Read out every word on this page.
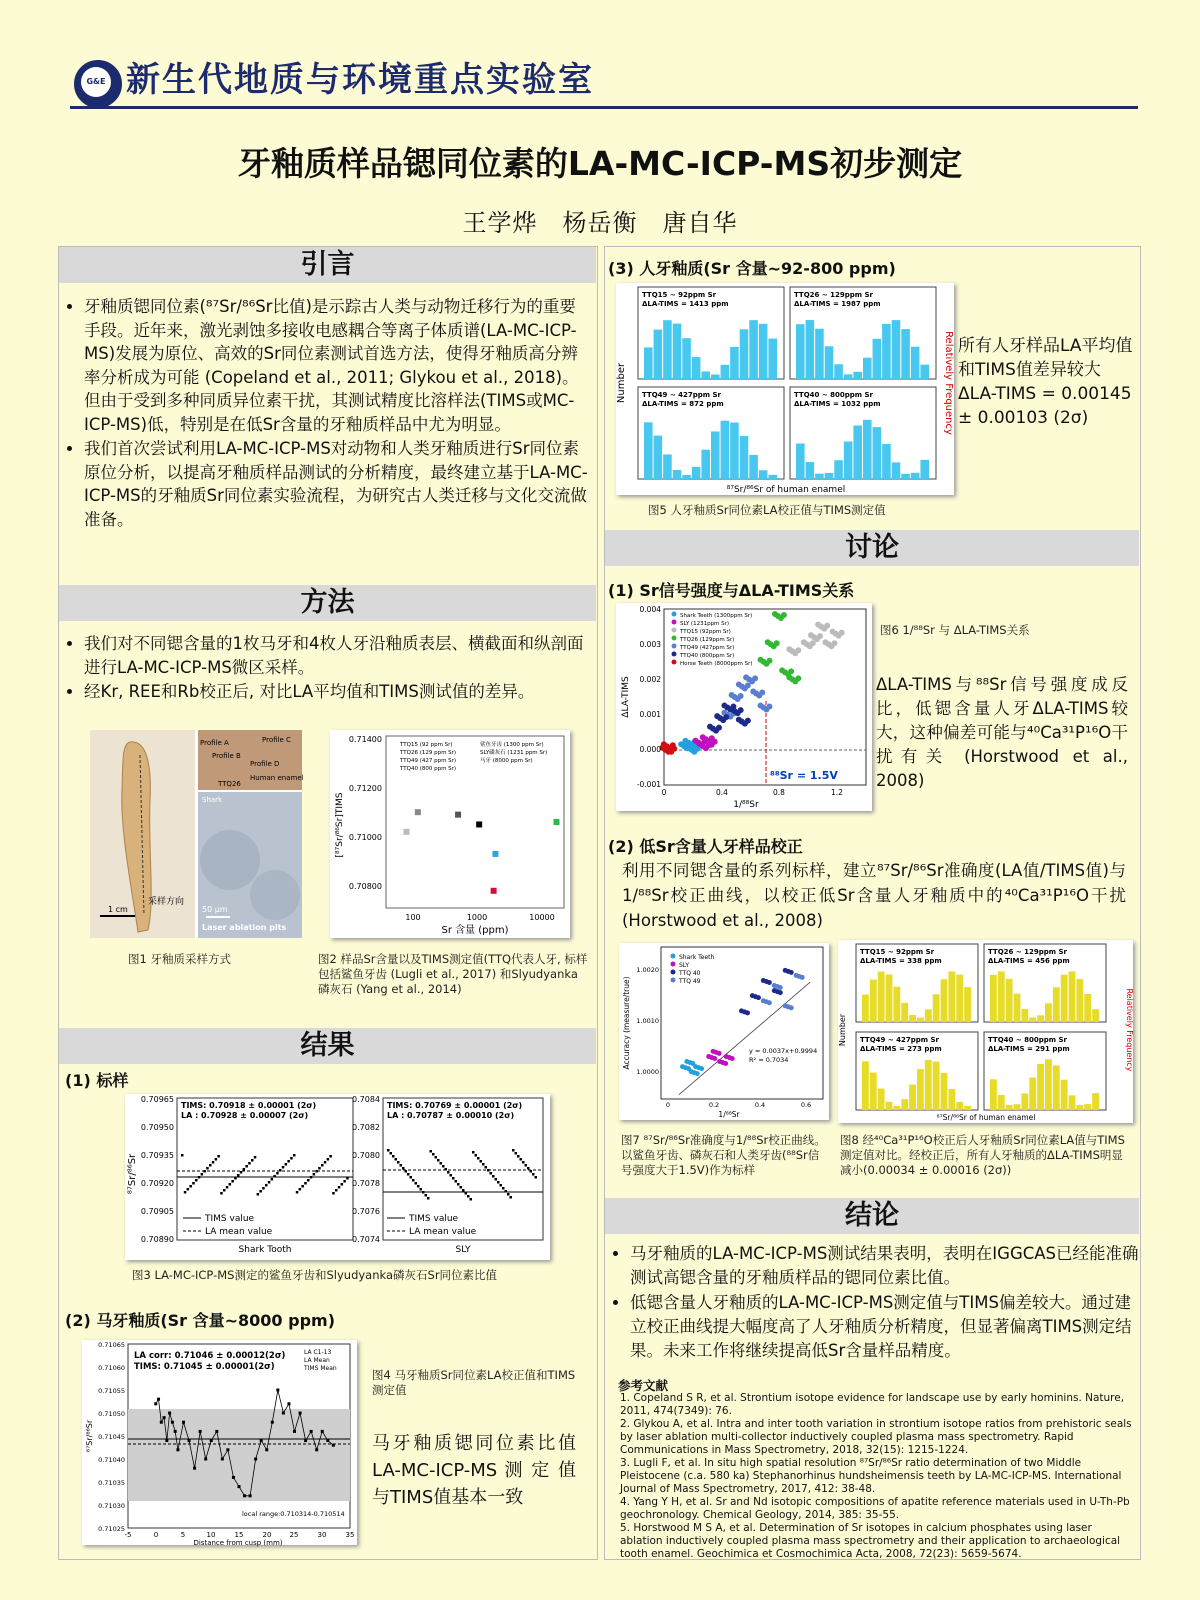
G&E 新生代地质与环境重点实验室
牙釉质样品锶同位素的LA-MC-ICP-MS初步测定
王学烨　杨岳衡　唐自华
引言
• 牙釉质锶同位素(⁸⁷Sr/⁸⁶Sr比值)是示踪古人类与动物迁移行为的重要手段。近年来，激光剥蚀多接收电感耦合等离子体质谱(LA-MC-ICP-MS)发展为原位、高效的Sr同位素测试首选方法，使得牙釉质高分辨率分析成为可能 (Copeland et al., 2011; Glykou et al., 2018)。但由于受到多种同质异位素干扰，其测试精度比溶样法(TIMS或MC-ICP-MS)低，特别是在低Sr含量的牙釉质样品中尤为明显。
• 我们首次尝试利用LA-MC-ICP-MS对动物和人类牙釉质进行Sr同位素原位分析，以提高牙釉质样品测试的分析精度，最终建立基于LA-MC-ICP-MS的牙釉质Sr同位素实验流程，为研究古人类迁移与文化交流做准备。
方法
• 我们对不同锶含量的1枚马牙和4枚人牙沿釉质表层、横截面和纵剖面进行LA-MC-ICP-MS微区采样。
• 经Kr, REE和Rb校正后, 对比LA平均值和TIMS测试值的差异。
Profile A
Profile B
Profile C
Profile D
TTQ26
Human enamel
Shark
1 cm
采样方向
50 μm
Laser ablation pits
图1 牙釉质采样方式
0.71400
0.71200
0.71000
0.70800
100	1000	10000
Sr 含量 (ppm)
[⁸⁷Sr/⁸⁶Sr]TIMS
TTQ15 (92 ppm Sr)
TTQ26 (129 ppm Sr)
TTQ49 (427 ppm Sr)
TTQ40 (800 ppm Sr)
鲨鱼牙齿 (1300 ppm Sr)
SLY磷灰石 (1231 ppm Sr)
马牙 (8000 ppm Sr)
图2 样品Sr含量以及TIMS测定值(TTQ代表人牙, 标样包括鲨鱼牙齿 (Lugli et al., 2017) 和Slyudyanka 磷灰石 (Yang et al., 2014)
结果
(1) 标样
TIMS: 0.70918 ± 0.00001 (2σ)
LA : 0.70928 ± 0.00007 (2σ)
TIMS: 0.70769 ± 0.00001 (2σ)
LA : 0.70787 ± 0.00010 (2σ)
0.70965
0.70950
0.70935
0.70920
0.70905
0.70890
0.7084
0.7082
0.7080
0.7078
0.7076
0.7074
TIMS value
LA mean value
TIMS value
LA mean value
Shark Tooth	SLY
⁸⁷Sr/⁸⁶Sr
图3 LA-MC-ICP-MS测定的鲨鱼牙齿和Slyudyanka磷灰石Sr同位素比值
(2) 马牙釉质(Sr 含量~8000 ppm)
LA corr: 0.71046 ± 0.00012(2σ)
TIMS: 0.71045 ± 0.00001(2σ)
LA C1-13
LA Mean
TIMS Mean
local range:0.710314-0.710514
0.71065
0.71060
0.71055
0.71050
0.71045
0.71040
0.71035
0.71030
0.71025
-5	0	5	10	15	20	25	30	35
Distance from cusp (mm)
⁸⁷Sr/⁸⁶Sr
图4 马牙釉质Sr同位素LA校正值和TIMS测定值
马牙釉质锶同位素比值LA-MC-ICP-MS 测 定 值与TIMS值基本一致
(3) 人牙釉质(Sr 含量~92-800 ppm)
Number	Relatively Frequency
⁸⁷Sr/⁸⁶Sr of human enamel
TTQ15 ~ 92ppm Sr
ΔLA-TIMS = 1413 ppm
TTQ26 ~ 129ppm Sr
ΔLA-TIMS = 1987 ppm
TTQ49 ~ 427ppm Sr
ΔLA-TIMS = 872 ppm
TTQ40 ~ 800ppm Sr
ΔLA-TIMS = 1032 ppm
图5 人牙釉质Sr同位素LA校正值与TIMS测定值
所有人牙样品LA平均值和TIMS值差异较大ΔLA-TIMS = 0.00145 ± 0.00103 (2σ)
讨论
(1) Sr信号强度与ΔLA-TIMS关系
Shark Teeth (1300ppm Sr)
SLY (1231ppm Sr)
TTQ15 (92ppm Sr)
TTQ26 (129ppm Sr)
TTQ49 (427ppm Sr)
TTQ40 (800ppm Sr)
Horse Teeth (8000ppm Sr)
⁸⁸Sr = 1.5V
0.004
0.003
0.002
0.001
0.000
-0.001
0	0.4	0.8	1.2
1/⁸⁸Sr
ΔLA-TIMS
图6 1/⁸⁸Sr 与 ΔLA-TIMS关系
ΔLA-TIMS与⁸⁸Sr信号强度成反比，低锶含量人牙ΔLA-TIMS较大，这种偏差可能与⁴⁰Ca³¹P¹⁶O干扰有关 (Horstwood et al., 2008)
(2) 低Sr含量人牙样品校正
利用不同锶含量的系列标样，建立⁸⁷Sr/⁸⁶Sr准确度(LA值/TIMS值)与1/⁸⁸Sr校正曲线，以校正低Sr含量人牙釉质中的⁴⁰Ca³¹P¹⁶O干扰 (Horstwood et al., 2008)
Shark Teeth
SLY
TTQ 40
TTQ 49
y = 0.0037x+0.9994
R² = 0.7034
1.0020
1.0010
1.0000
0	0.2	0.4	0.6
1/⁸⁸Sr
Accuracy (measure/true)
图7 ⁸⁷Sr/⁸⁶Sr准确度与1/⁸⁸Sr校正曲线。以鲨鱼牙齿、磷灰石和人类牙齿(⁸⁸Sr信号强度大于1.5V)作为标样
Number	Relatively Frequency
⁸⁷Sr/⁸⁶Sr of human enamel
TTQ15 ~ 92ppm Sr
ΔLA-TIMS = 338 ppm
TTQ26 ~ 129ppm Sr
ΔLA-TIMS = 456 ppm
TTQ49 ~ 427ppm Sr
ΔLA-TIMS = 273 ppm
TTQ40 ~ 800ppm Sr
ΔLA-TIMS = 291 ppm
图8 经⁴⁰Ca³¹P¹⁶O校正后人牙釉质Sr同位素LA值与TIMS测定值对比。经校正后，所有人牙釉质的ΔLA-TIMS明显减小(0.00034 ± 0.00016 (2σ))
结论
• 马牙釉质的LA-MC-ICP-MS测试结果表明，表明在IGGCAS已经能准确测试高锶含量的牙釉质样品的锶同位素比值。
• 低锶含量人牙釉质的LA-MC-ICP-MS测定值与TIMS偏差较大。通过建立校正曲线提大幅度高了人牙釉质分析精度，但显著偏离TIMS测定结果。未来工作将继续提高低Sr含量样品精度。
参考文献
1. Copeland S R, et al. Strontium isotope evidence for landscape use by early hominins. Nature, 2011, 474(7349): 76.
2. Glykou A, et al. Intra and inter tooth variation in strontium isotope ratios from prehistoric seals by laser ablation multi-collector inductively coupled plasma mass spectrometry. Rapid Communications in Mass Spectrometry, 2018, 32(15): 1215-1224.
3. Lugli F, et al. In situ high spatial resolution ⁸⁷Sr/⁸⁶Sr ratio determination of two Middle Pleistocene (c.a. 580 ka) Stephanorhinus hundsheimensis teeth by LA-MC-ICP-MS. International Journal of Mass Spectrometry, 2017, 412: 38-48.
4. Yang Y H, et al. Sr and Nd isotopic compositions of apatite reference materials used in U-Th-Pb geochronology. Chemical Geology, 2014, 385: 35-55.
5. Horstwood M S A, et al. Determination of Sr isotopes in calcium phosphates using laser ablation inductively coupled plasma mass spectrometry and their application to archaeological tooth enamel. Geochimica et Cosmochimica Acta, 2008, 72(23): 5659-5674.
